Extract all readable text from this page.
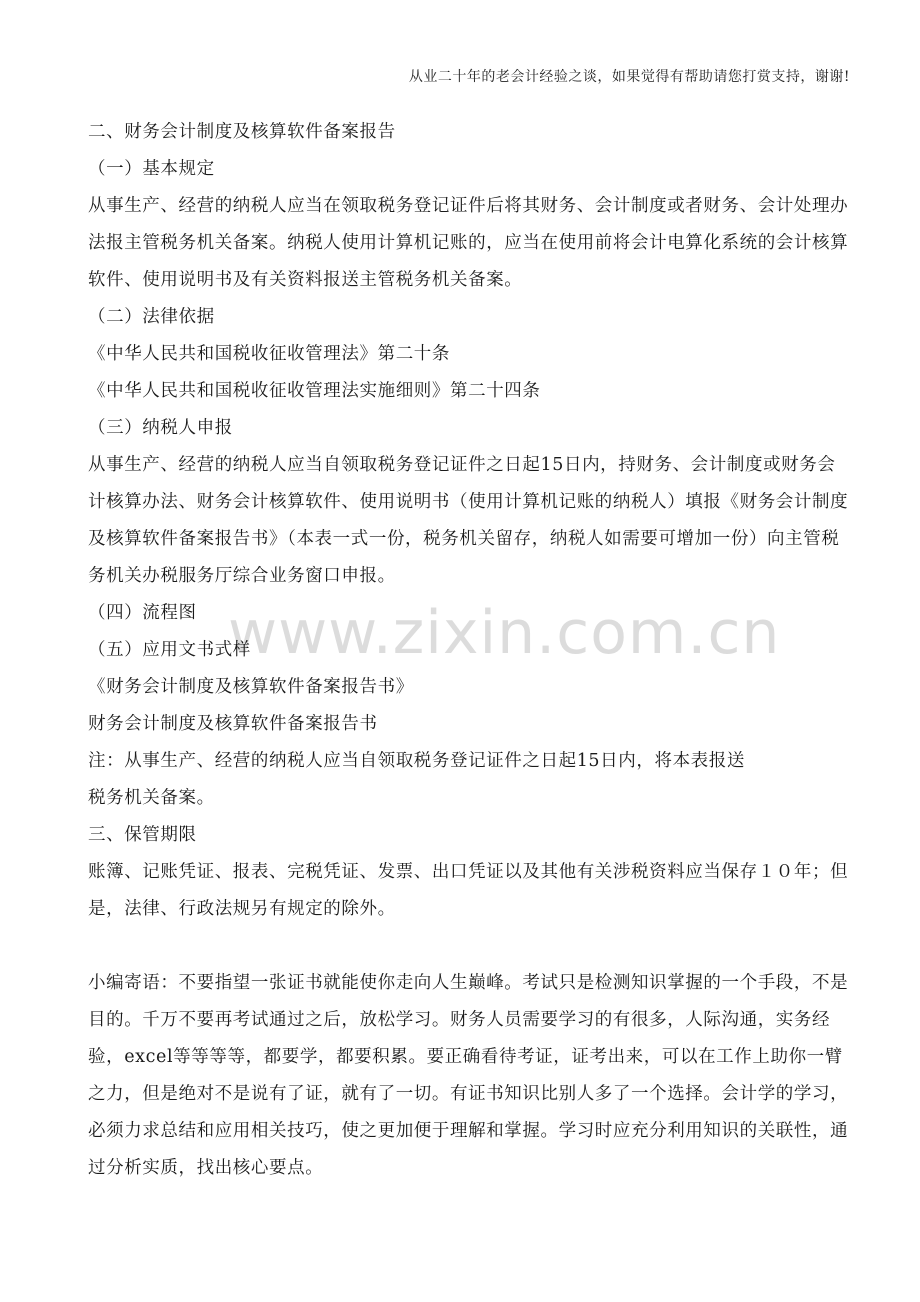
从业二十年的老会计经验之谈，如果觉得有帮助请您打赏支持，谢谢!
www.zixin.com.cn

二、财务会计制度及核算软件备案报告

（一）基本规定

从事生产、经营的纳税人应当在领取税务登记证件后将其财务、会计制度或者财务、会计处理办法报主管税务机关备案。纳税人使用计算机记账的，应当在使用前将会计电算化系统的会计核算软件、使用说明书及有关资料报送主管税务机关备案。

（二）法律依据

《中华人民共和国税收征收管理法》第二十条

《中华人民共和国税收征收管理法实施细则》第二十四条

（三）纳税人申报

从事生产、经营的纳税人应当自领取税务登记证件之日起15日内，持财务、会计制度或财务会计核算办法、财务会计核算软件、使用说明书（使用计算机记账的纳税人）填报《财务会计制度及核算软件备案报告书》（本表一式一份，税务机关留存，纳税人如需要可增加一份）向主管税务机关办税服务厅综合业务窗口申报。

（四）流程图

（五）应用文书式样

《财务会计制度及核算软件备案报告书》

财务会计制度及核算软件备案报告书

注：从事生产、经营的纳税人应当自领取税务登记证件之日起15日内，将本表报送

税务机关备案。

三、保管期限

账簿、记账凭证、报表、完税凭证、发票、出口凭证以及其他有关涉税资料应当保存１０年；但是，法律、行政法规另有规定的除外。

小编寄语：不要指望一张证书就能使你走向人生巅峰。考试只是检测知识掌握的一个手段，不是目的。千万不要再考试通过之后，放松学习。财务人员需要学习的有很多，人际沟通，实务经验，excel等等等等，都要学，都要积累。要正确看待考证，证考出来，可以在工作上助你一臂之力，但是绝对不是说有了证，就有了一切。有证书知识比别人多了一个选择。会计学的学习，必须力求总结和应用相关技巧，使之更加便于理解和掌握。学习时应充分利用知识的关联性，通过分析实质，找出核心要点。
